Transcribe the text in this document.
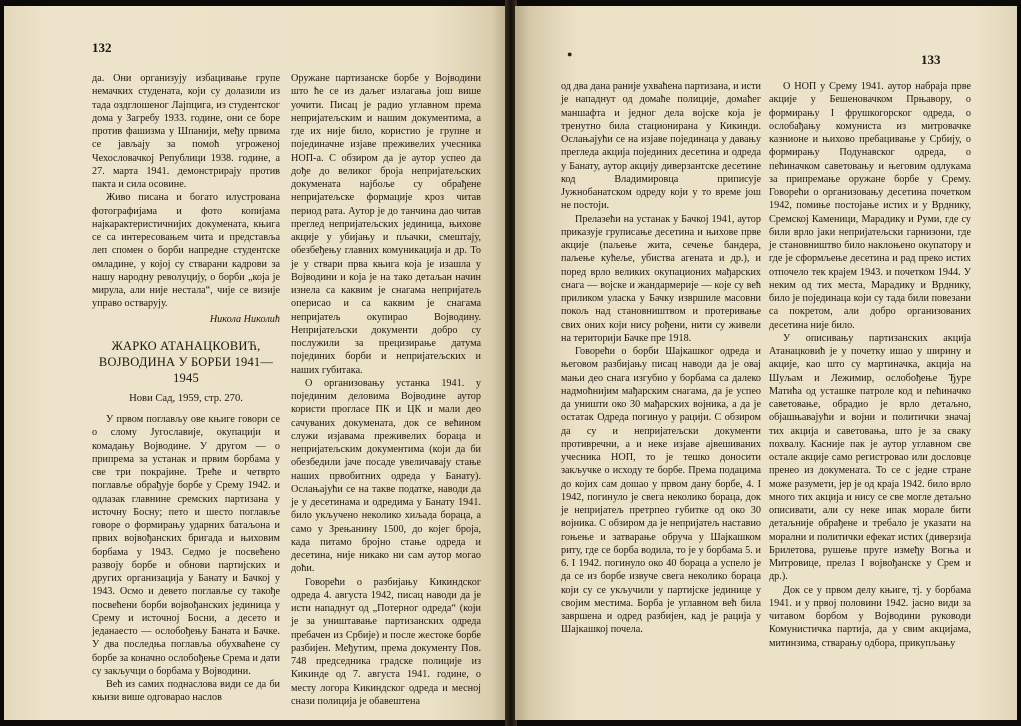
132

да. Они организују избацивање групе немачких студената, који су долазили из тада оздглошеног Лајпцига, из студентског дома у Загребу 1933. године, они се боре против фашизма у Шпанији, међу првима се јављају за помоћ угроженој Чехословачкој Републици 1938. године, а 27. марта 1941. демонстрирају против пакта и сила осовине.

Живо писана и богато илустрована фотографијама и фото копијама најкарактеристичнијих докумената, књига се са интересовањем чита и представља леп спомен о борби напредне студентске омладине, у којој су стварани кадрови за нашу народну револуцију, о борби „која је мирула, али није нестала“, чије се визије управо остварују.

Никола Николић

ЖАРКО АТАНАЦКОВИЋ, ВОЈВОДИНА У БОРБИ 1941—1945

Нови Сад, 1959, стр. 270.

У првом поглављу ове књиге говори се о слому Југославије, окупацији и комадању Војводине. У другом — о припрема за устанак и првим борбама у све три покрајине. Треће и четврто поглавље обрађује борбе у Срему 1942. и одлазак главнине сремских партизана у источну Босну; пето и шесто поглавље говоре о формирању ударних батаљона и првих војвођанских бригада и њиховим борбама у 1943. Седмо је посвећено развоју борбе и обнови партијских и других организација у Банату и Бачкој у 1943. Осмо и девето поглавље су такође посвећени борби војвођанских јединица у Срему и источној Босни, а десето и једанаесто — ослобођењу Баната и Бачке. У два последња поглавља обухваћене су борбе за коначно ослобођење Срема и дати су закључци о борбама у Војводини.

Већ из самих поднаслова види се да би књизи више одговарао наслов

Оружане партизанске борбе у Војводини што ће се из даљег излагања још више уочити. Писац је радио углавном према непријатељским и нашим документима, а где их није било, користио је групне и појединачне изјаве преживелих учесника НОП-а. С обзиром да је аутор успео да дође до великог броја непријатељских докумената најбоље су обрађене непријатељске формације кроз читав период рата. Аутор је до танчина дао читав преглед непријатељских јединица, њихове акције у убијању и пљачки, смештају, обезбеђењу главних комуникација и др. То је у ствари прва књига која је изашла у Војводини и која је на тако детаљан начин изнела са каквим је снагама непријатељ оперисао и са каквим је снагама непријатељ окупирао Војводину. Непријатељски документи добро су послужили за прецизирање датума појединих борби и непријатељских и наших губитака.

О организовању устанка 1941. у појединим деловима Војводине аутор користи прогласе ПК и ЦК и мали део сачуваних докумената, док се већином служи изјавама преживелих бораца и непријатељским документима (који да би обезбедили јаче посаде увеличавају стање наших првобитних одреда у Банату). Ослањајући се на такве податке, наводи да је у десетинама и одредима у Банату 1941. било укључено неколико хиљада бораца, а само у Зрењанину 1500, до којег броја, када питамо бројно стање одреда и десетина, није никако ни сам аутор могао доћи.

Говорећи о разбијању Кикиндског одреда 4. августа 1942, писац наводи да је исти нападнут од „Потерног одреда“ (који је за уништавање партизанских одреда пребачен из Србије) и после жестоке борбе разбијен. Међутим, према документу Пов. 748 председника градске полиције из Кикинде од 7. августа 1941. године, о месту логора Кикиндског одреда и месној снази полиција је обавештена

133

од два дана раније ухваћена партизана, и исти је нападнут од домаће полиције, домаћег маншафта и једног дела војске која је тренутно била стационирана у Кикинди. Ослањајући се на изјаве појединаца у давању прегледа акција појединих десетина и одреда у Банату, аутор акцију диверзантске десетине код Владимировца приписује Јужнобанатском одреду који у то време још не постоји.

Прелазећи на устанак у Бачкој 1941, аутор приказује груписање десетина и њихове прве акције (паљење жита, сечење бандера, паљење кућеље, убиства агената и др.), и поред врло великих окупационих мађарских снага — војске и жандармерије — које су већ приликом уласка у Бачку извршиле масовни покољ над становништвом и протеривање свих оних који нису рођени, нити су живели на територији Бачке пре 1918.

Говорећи о борби Шајкашког одреда и његовом разбијању писац наводи да је овај мањи део снага изгубио у борбама са далеко надмоћнијим мађарским снагама, да је успео да уништи око 30 мађарских војника, а да је остатак Одреда погинуо у рацији. С обзиром да су и непријатељски документи противречни, а и неке изјаве ајвешиваних учесника НОП, то је тешко доносити закључке о исходу те борбе. Према подацима до којих сам дошао у првом дану борбе, 4. I 1942, погинуло је свега неколико бораца, док је непријатељ претрпео губитке од око 30 војника. С обзиром да је непријатељ наставио гоњење и затварање обруча у Шајкашком риту, где се борба водила, то је у борбама 5. и 6. I 1942. погинуло око 40 бораца а успело је да се из борбе извуче свега неколико бораца који су се укључили у партијске јединице у својим местима. Борба је углавном већ била завршена и одред разбијен, кад је рација у Шајкашкој почела.

О НОП у Срему 1941. аутор набраја прве акције у Бешеновачком Прњавору, о формирању I фрушкогорског одреда, о ослобађању комуниста из митровачке казнионе и њихово пребацивање у Србију, о формирању Подунавског одреда, о пећиначком саветовању и његовим одлукама за припремање оружане борбе у Срему. Говорећи о организовању десетина почетком 1942, помиње постојање истих и у Врднику, Сремској Каменици, Марадику и Руми, где су били врло јаки непријатељски гарнизони, где је становништво било наклоњено окупатору и где је сформљење десетина и рад преко истих отпочело тек крајем 1943. и почетком 1944. У неким од тих места, Марадику и Врднику, било је појединаца који су тада били повезани са покретом, али добро организованих десетина није било.

У описивању партизанских акција Атанацковић је у почетку ишао у ширину и акције, као што су мартиначка, акција на Шуљам и Лежимир, ослобођење Ђуре Матића од усташке патроле код и пећиначко саветовање, обрадио је врло детаљно, објашњавајући и војни и политички значај тих акција и саветовања, што је за сваку похвалу. Касније пак је аутор углавном све остале акције само регистровао или дословце пренео из докумената. То се с једне стране може разумети, јер је од краја 1942. било врло много тих акција и нису се све могле детаљно описивати, али су неке ипак морале бити детаљније обрађене и требало је указати на морални и политички ефекат истих (диверзија Брилетова, рушење пруге између Вогња и Митровице, прелаз I војвођанске у Срем и др.).

Док се у првом делу књиге, тј. у борбама 1941. и у првој половини 1942. јасно види за читавом борбом у Војводини руководи Комунистичка партија, да у свим акцијама, митинзима, стварању одбора, прикупљању

●
